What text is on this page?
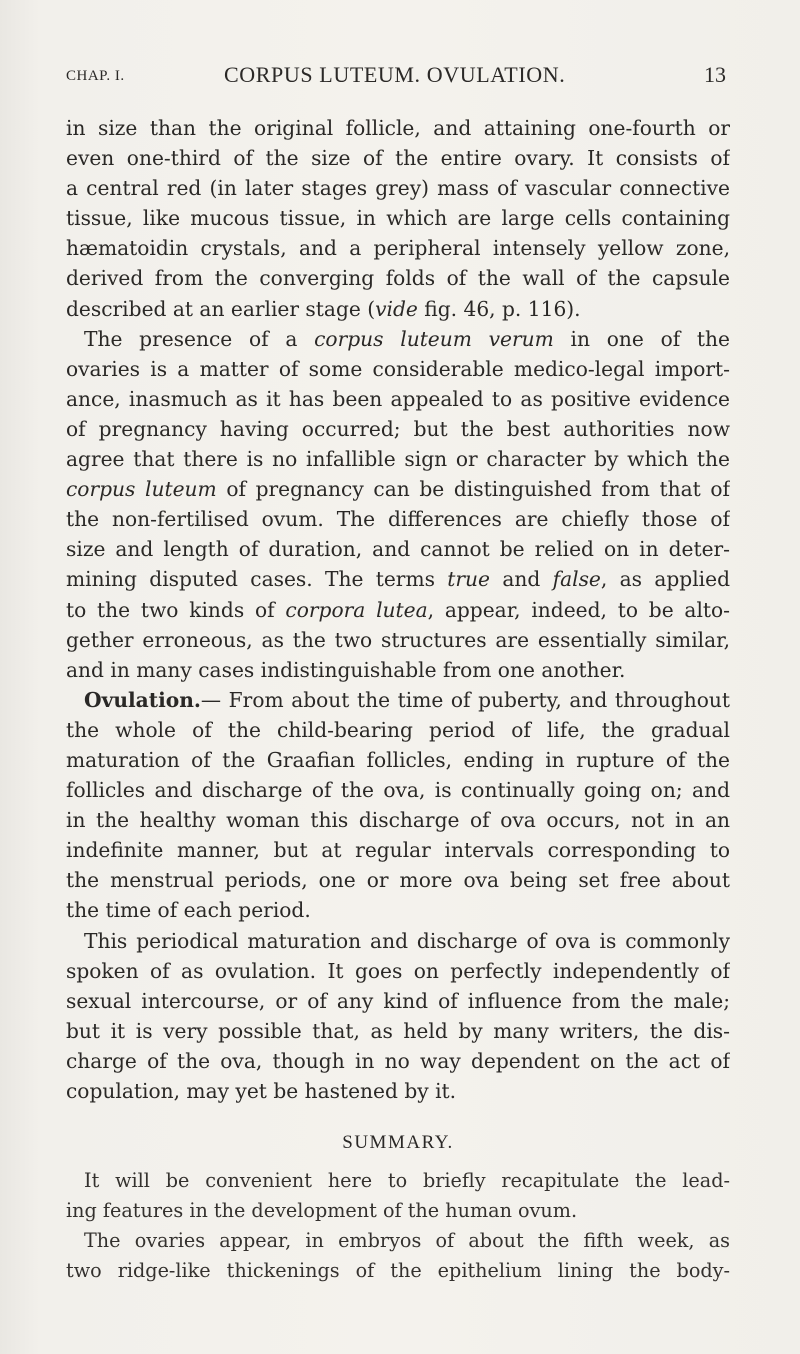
CHAP. I.	CORPUS LUTEUM. OVULATION.	13
in size than the original follicle, and attaining one-fourth or
even one-third of the size of the entire ovary. It consists of
a central red (in later stages grey) mass of vascular connective
tissue, like mucous tissue, in which are large cells containing
hæmatoidin crystals, and a peripheral intensely yellow zone,
derived from the converging folds of the wall of the capsule
described at an earlier stage (vide fig. 46, p. 116).
The presence of a corpus luteum verum in one of the
ovaries is a matter of some considerable medico-legal import-
ance, inasmuch as it has been appealed to as positive evidence
of pregnancy having occurred; but the best authorities now
agree that there is no infallible sign or character by which the
corpus luteum of pregnancy can be distinguished from that of
the non-fertilised ovum. The differences are chiefly those of
size and length of duration, and cannot be relied on in deter-
mining disputed cases. The terms true and false, as applied
to the two kinds of corpora lutea, appear, indeed, to be alto-
gether erroneous, as the two structures are essentially similar,
and in many cases indistinguishable from one another.
Ovulation.— From about the time of puberty, and throughout
the whole of the child-bearing period of life, the gradual
maturation of the Graafian follicles, ending in rupture of the
follicles and discharge of the ova, is continually going on; and
in the healthy woman this discharge of ova occurs, not in an
indefinite manner, but at regular intervals corresponding to
the menstrual periods, one or more ova being set free about
the time of each period.
This periodical maturation and discharge of ova is commonly
spoken of as ovulation. It goes on perfectly independently of
sexual intercourse, or of any kind of influence from the male;
but it is very possible that, as held by many writers, the dis-
charge of the ova, though in no way dependent on the act of
copulation, may yet be hastened by it.
SUMMARY.
It will be convenient here to briefly recapitulate the lead-
ing features in the development of the human ovum.
The ovaries appear, in embryos of about the fifth week, as
two ridge-like thickenings of the epithelium lining the body-
